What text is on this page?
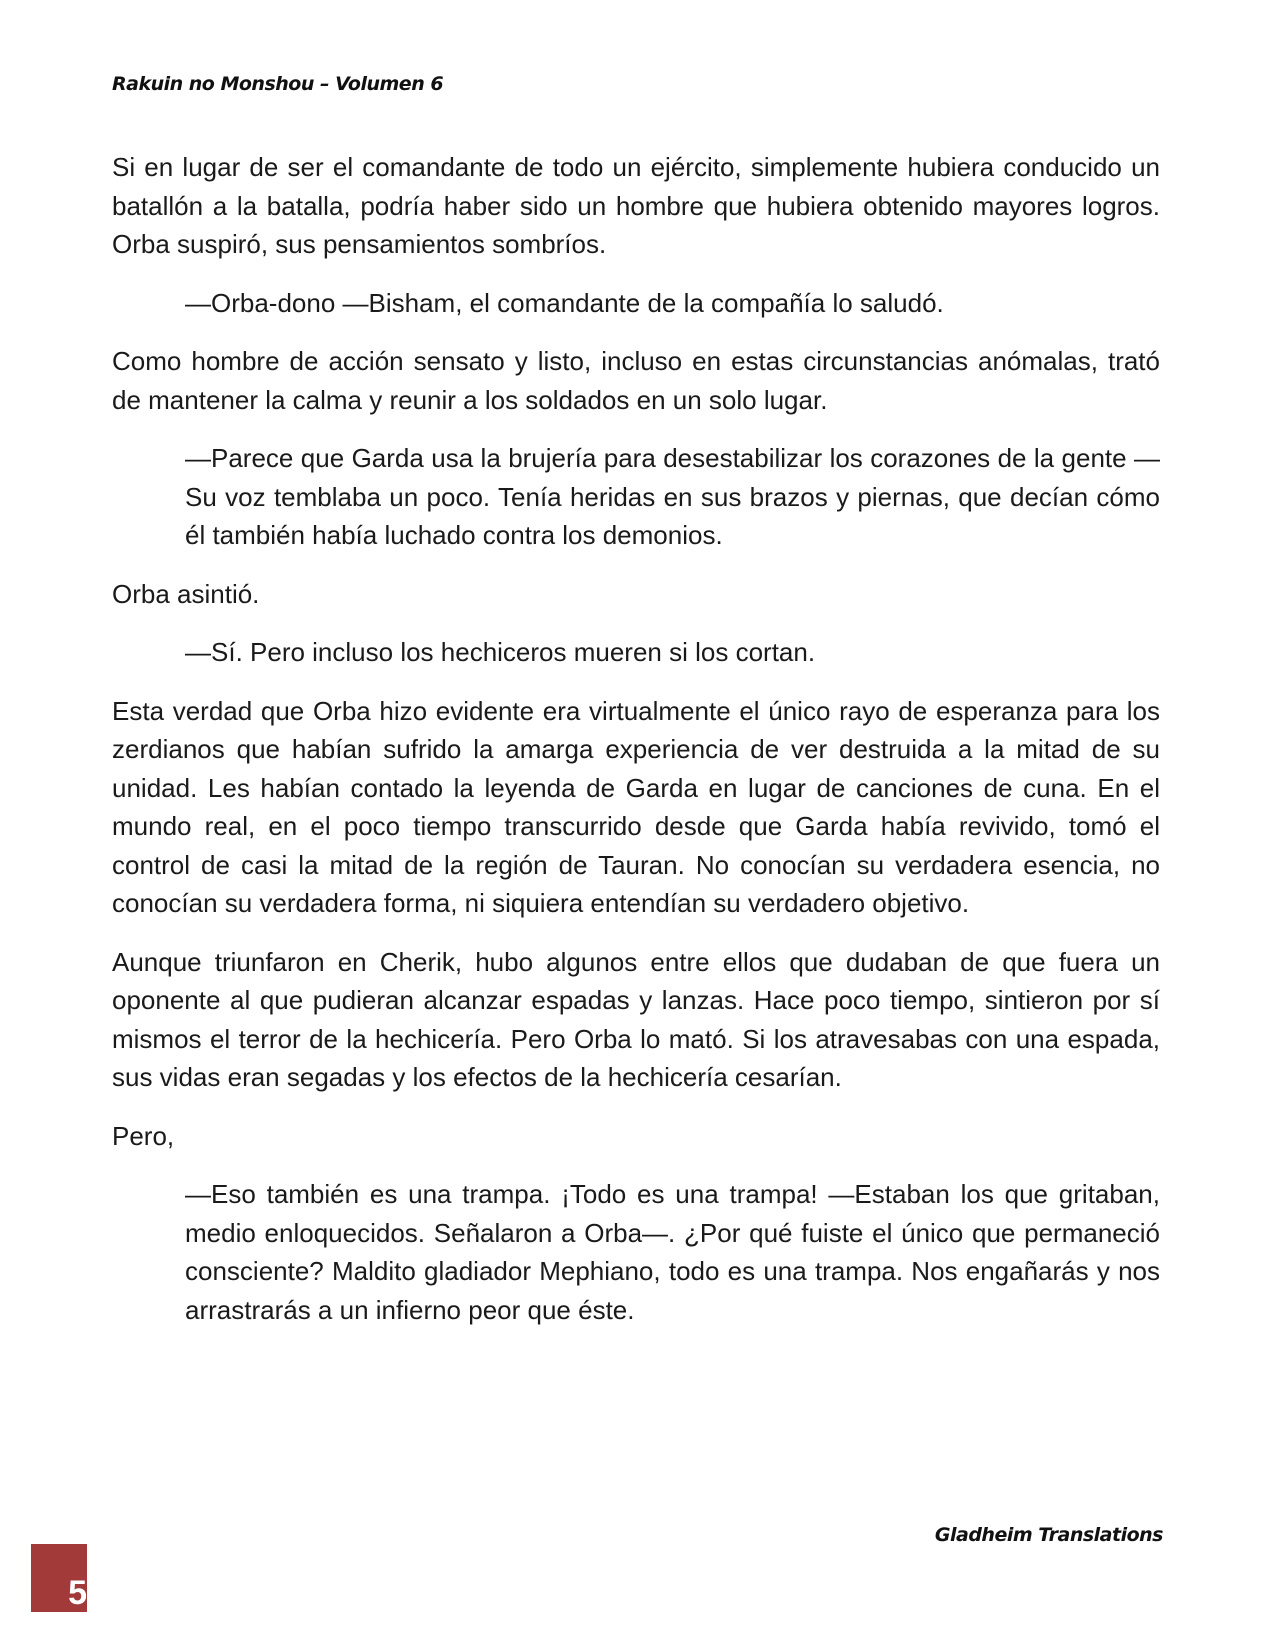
Rakuin no Monshou – Volumen 6

Si en lugar de ser el comandante de todo un ejército, simplemente hubiera conducido un batallón a la batalla, podría haber sido un hombre que hubiera obtenido mayores logros. Orba suspiró, sus pensamientos sombríos.

—Orba-dono —Bisham, el comandante de la compañía lo saludó.

Como hombre de acción sensato y listo, incluso en estas circunstancias anómalas, trató de mantener la calma y reunir a los soldados en un solo lugar.

—Parece que Garda usa la brujería para desestabilizar los corazones de la gente —Su voz temblaba un poco. Tenía heridas en sus brazos y piernas, que decían cómo él también había luchado contra los demonios.

Orba asintió.

—Sí. Pero incluso los hechiceros mueren si los cortan.

Esta verdad que Orba hizo evidente era virtualmente el único rayo de esperanza para los zerdianos que habían sufrido la amarga experiencia de ver destruida a la mitad de su unidad. Les habían contado la leyenda de Garda en lugar de canciones de cuna. En el mundo real, en el poco tiempo transcurrido desde que Garda había revivido, tomó el control de casi la mitad de la región de Tauran. No conocían su verdadera esencia, no conocían su verdadera forma, ni siquiera entendían su verdadero objetivo.

Aunque triunfaron en Cherik, hubo algunos entre ellos que dudaban de que fuera un oponente al que pudieran alcanzar espadas y lanzas. Hace poco tiempo, sintieron por sí mismos el terror de la hechicería. Pero Orba lo mató. Si los atravesabas con una espada, sus vidas eran segadas y los efectos de la hechicería cesarían.

Pero,

—Eso también es una trampa. ¡Todo es una trampa! —Estaban los que gritaban, medio enloquecidos. Señalaron a Orba—. ¿Por qué fuiste el único que permaneció consciente? Maldito gladiador Mephiano, todo es una trampa. Nos engañarás y nos arrastrarás a un infierno peor que éste.

Gladheim Translations
5
